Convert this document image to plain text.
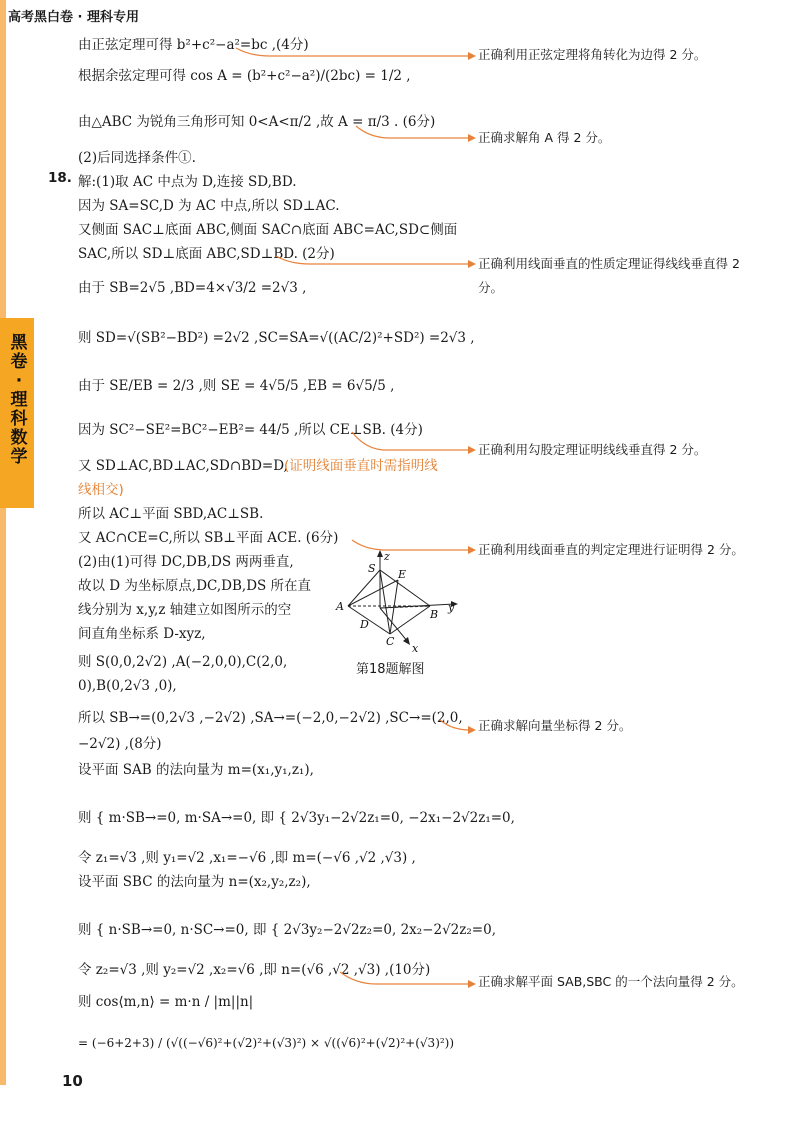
黑卷·理科数学
高考黑白卷 · 理科专用
由正弦定理可得 b²+c²−a²=bc ,(4分)
根据余弦定理可得 cos A = (b²+c²−a²)/(2bc) = 1/2 ,
由△ABC 为锐角三角形可知 0<A<π/2 ,故 A = π/3 . (6分)
(2)后同选择条件①.
18. 解:(1)取 AC 中点为 D,连接 SD,BD.
因为 SA=SC,D 为 AC 中点,所以 SD⊥AC.
又侧面 SAC⊥底面 ABC,侧面 SAC∩底面 ABC=AC,SD⊂侧面
SAC,所以 SD⊥底面 ABC,SD⊥BD. (2分)
由于 SB=2√5 ,BD=4×√3/2 =2√3 ,
则 SD=√(SB²−BD²) =2√2 ,SC=SA=√((AC/2)²+SD²) =2√3 ,
由于 SE/EB = 2/3 ,则 SE = 4√5/5 ,EB = 6√5/5 ,
因为 SC²−SE²=BC²−EB²= 44/5 ,所以 CE⊥SB. (4分)
又 SD⊥AC,BD⊥AC,SD∩BD=D,
(证明线面垂直时需指明线
线相交)
所以 AC⊥平面 SBD,AC⊥SB.
又 AC∩CE=C,所以 SB⊥平面 ACE. (6分)
(2)由(1)可得 DC,DB,DS 两两垂直,
故以 D 为坐标原点,DC,DB,DS 所在直
线分别为 x,y,z 轴建立如图所示的空
间直角坐标系 D-xyz,
则 S(0,0,2√2) ,A(−2,0,0),C(2,0,
0),B(0,2√3 ,0),
所以 SB→=(0,2√3 ,−2√2) ,SA→=(−2,0,−2√2) ,SC→=(2,0,
−2√2) ,(8分)
设平面 SAB 的法向量为 m=(x₁,y₁,z₁),
则 { m·SB→=0, m·SA→=0, 即 { 2√3y₁−2√2z₁=0, −2x₁−2√2z₁=0,
令 z₁=√3 ,则 y₁=√2 ,x₁=−√6 ,即 m=(−√6 ,√2 ,√3) ,
设平面 SBC 的法向量为 n=(x₂,y₂,z₂),
则 { n·SB→=0, n·SC→=0, 即 { 2√3y₂−2√2z₂=0, 2x₂−2√2z₂=0,
令 z₂=√3 ,则 y₂=√2 ,x₂=√6 ,即 n=(√6 ,√2 ,√3) ,(10分)
则 cos⟨m,n⟩ = m·n / |m||n|
= (−6+2+3) / (√((−√6)²+(√2)²+(√3)²) × √((√6)²+(√2)²+(√3)²))
正确利用正弦定理将角转化为边得 2 分。
正确求解角 A 得 2 分。
正确利用线面垂直的性质定理证得线线垂直得 2 分。
正确利用勾股定理证明线线垂直得 2 分。
正确利用线面垂直的判定定理进行证明得 2 分。
正确求解向量坐标得 2 分。
正确求解平面 SAB,SBC 的一个法向量得 2 分。
z
S E
A	y
B
D
C
x
第18题解图
10
